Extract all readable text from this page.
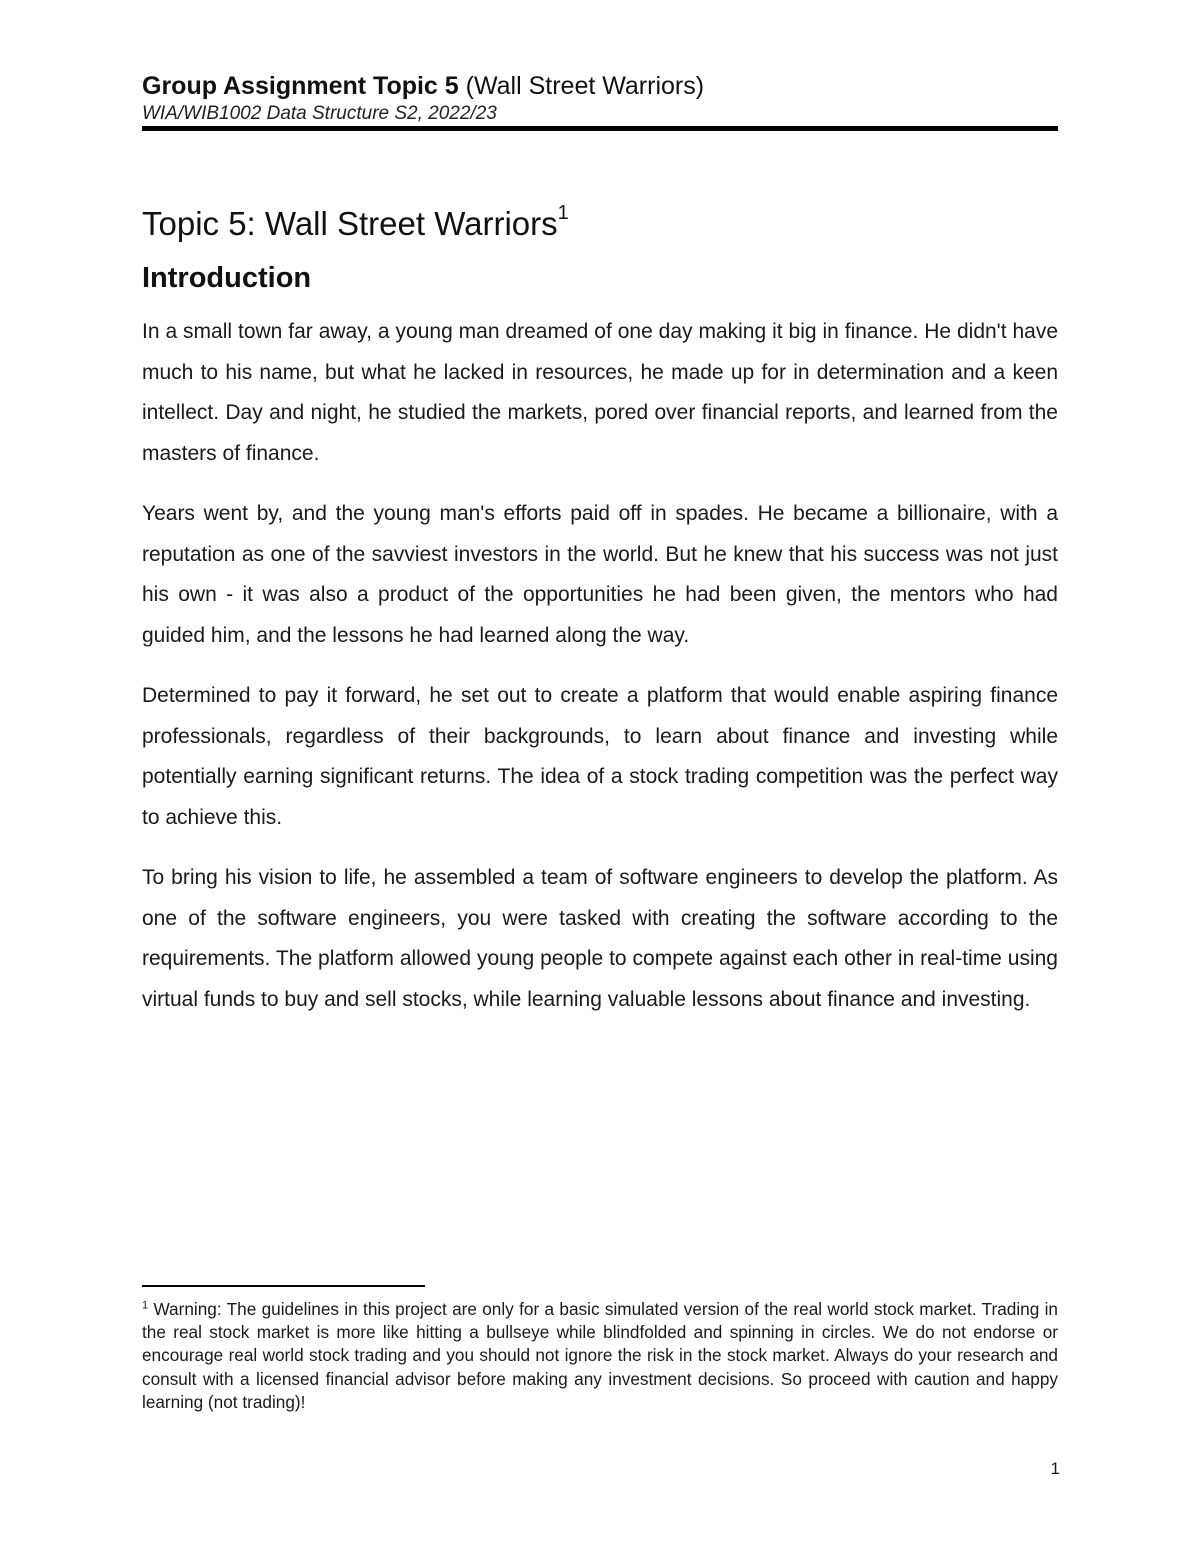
Group Assignment Topic 5 (Wall Street Warriors)
WIA/WIB1002 Data Structure S2, 2022/23
Topic 5: Wall Street Warriors$^1$
Introduction

In a small town far away, a young man dreamed of one day making it big in finance. He didn't have much to his name, but what he lacked in resources, he made up for in determination and a keen intellect. Day and night, he studied the markets, pored over financial reports, and learned from the masters of finance.

Years went by, and the young man's efforts paid off in spades. He became a billionaire, with a reputation as one of the savviest investors in the world. But he knew that his success was not just his own - it was also a product of the opportunities he had been given, the mentors who had guided him, and the lessons he had learned along the way.

Determined to pay it forward, he set out to create a platform that would enable aspiring finance professionals, regardless of their backgrounds, to learn about finance and investing while potentially earning significant returns. The idea of a stock trading competition was the perfect way to achieve this.

To bring his vision to life, he assembled a team of software engineers to develop the platform. As one of the software engineers, you were tasked with creating the software according to the requirements. The platform allowed young people to compete against each other in real-time using virtual funds to buy and sell stocks, while learning valuable lessons about finance and investing.

$^1$ Warning: The guidelines in this project are only for a basic simulated version of the real world stock market. Trading in the real stock market is more like hitting a bullseye while blindfolded and spinning in circles. We do not endorse or encourage real world stock trading and you should not ignore the risk in the stock market. Always do your research and consult with a licensed financial advisor before making any investment decisions. So proceed with caution and happy learning (not trading)!
1
